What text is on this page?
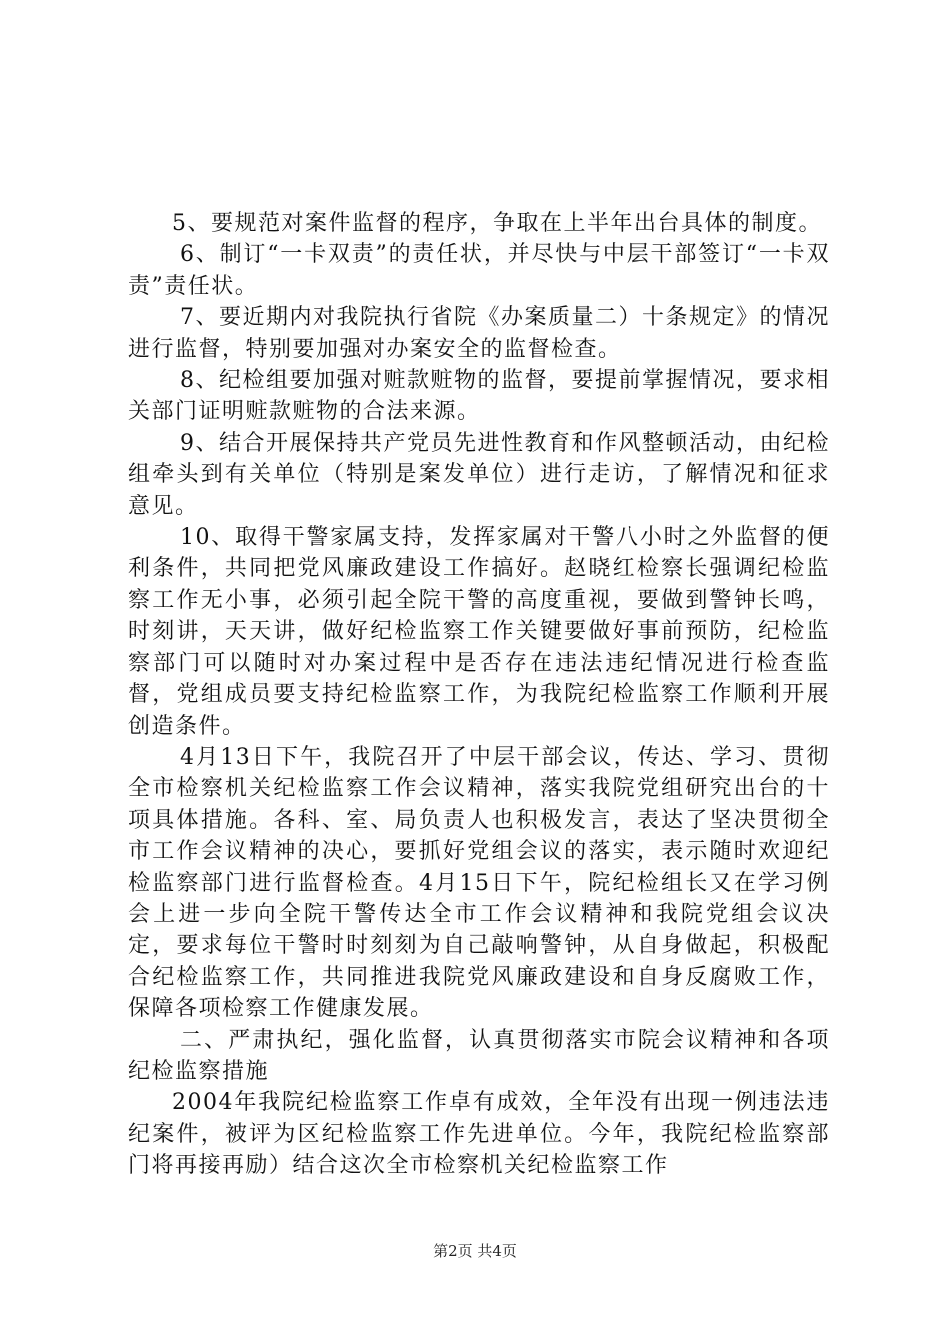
5、要规范对案件监督的程序，争取在上半年出台具体的制度。

6、制订“一卡双责”的责任状，并尽快与中层干部签订“一卡双责”责任状。

7、要近期内对我院执行省院《办案质量二）十条规定》的情况进行监督，特别要加强对办案安全的监督检查。

8、纪检组要加强对赃款赃物的监督，要提前掌握情况，要求相关部门证明赃款赃物的合法来源。

9、结合开展保持共产党员先进性教育和作风整顿活动，由纪检组牵头到有关单位（特别是案发单位）进行走访，了解情况和征求意见。

10、取得干警家属支持，发挥家属对干警八小时之外监督的便利条件，共同把党风廉政建设工作搞好。赵晓红检察长强调纪检监察工作无小事，必须引起全院干警的高度重视，要做到警钟长鸣，时刻讲，天天讲，做好纪检监察工作关键要做好事前预防，纪检监察部门可以随时对办案过程中是否存在违法违纪情况进行检查监督，党组成员要支持纪检监察工作，为我院纪检监察工作顺利开展创造条件。

4月13日下午，我院召开了中层干部会议，传达、学习、贯彻全市检察机关纪检监察工作会议精神，落实我院党组研究出台的十项具体措施。各科、室、局负责人也积极发言，表达了坚决贯彻全市工作会议精神的决心，要抓好党组会议的落实，表示随时欢迎纪检监察部门进行监督检查。4月15日下午，院纪检组长又在学习例会上进一步向全院干警传达全市工作会议精神和我院党组会议决定，要求每位干警时时刻刻为自己敲响警钟，从自身做起，积极配合纪检监察工作，共同推进我院党风廉政建设和自身反腐败工作，保障各项检察工作健康发展。

二、严肃执纪，强化监督，认真贯彻落实市院会议精神和各项纪检监察措施

2004年我院纪检监察工作卓有成效，全年没有出现一例违法违纪案件，被评为区纪检监察工作先进单位。今年，我院纪检监察部门将再接再励）结合这次全市检察机关纪检监察工作

第2页 共4页
